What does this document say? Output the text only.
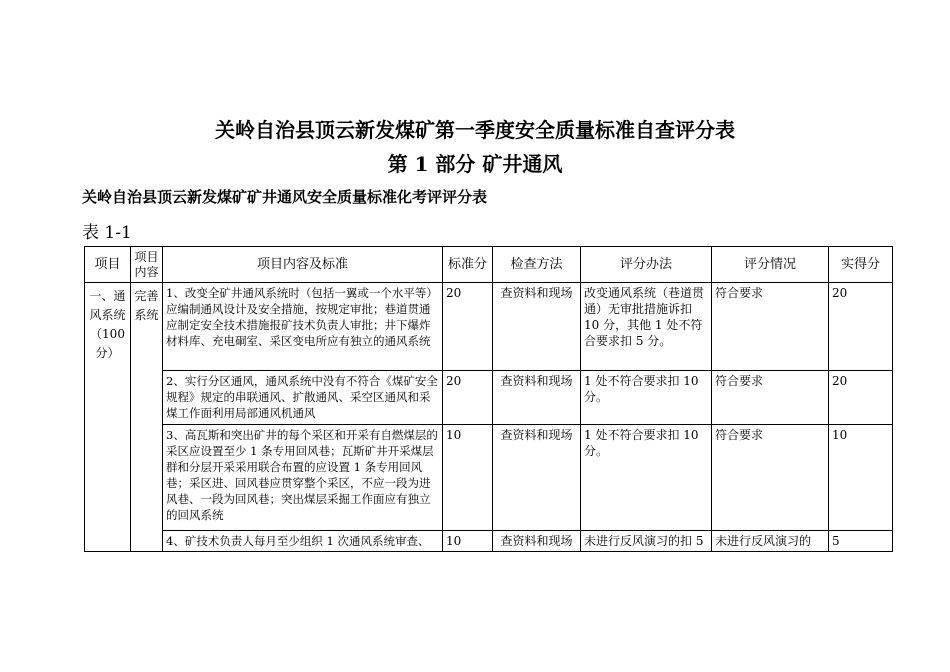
关岭自治县顶云新发煤矿第一季度安全质量标准自查评分表
第 1 部分 矿井通风
关岭自治县顶云新发煤矿矿井通风安全质量标准化考评评分表
表 1-1
项目	项目内容	项目内容及标准	标准分	检查方法	评分办法	评分情况	实得分
一、通风系统（100分）	完善系统	1、改变全矿井通风系统时（包括一翼或一个水平等）应编制通风设计及安全措施，按规定审批；巷道贯通应制定安全技术措施报矿技术负责人审批；井下爆炸材料库、充电硐室、采区变电所应有独立的通风系统	20	查资料和现场	改变通风系统（巷道贯通）无审批措施诉扣 10 分，其他 1 处不符合要求扣 5 分。	符合要求	20
		2、实行分区通风，通风系统中没有不符合《煤矿安全规程》规定的串联通风、扩散通风、采空区通风和采煤工作面利用局部通风机通风	20	查资料和现场	1 处不符合要求扣 10 分。	符合要求	20
		3、高瓦斯和突出矿井的每个采区和开采有自燃煤层的采区应设置至少 1 条专用回风巷；瓦斯矿井开采煤层群和分层开采采用联合布置的应设置 1 条专用回风巷；采区进、回风巷应贯穿整个采区，不应一段为进风巷、一段为回风巷；突出煤层采掘工作面应有独立的回风系统	10	查资料和现场	1 处不符合要求扣 10 分。	符合要求	10
		4、矿技术负责人每月至少组织 1 次通风系统审查、	10	查资料和现场	未进行反风演习的扣 5	未进行反风演习的	5
